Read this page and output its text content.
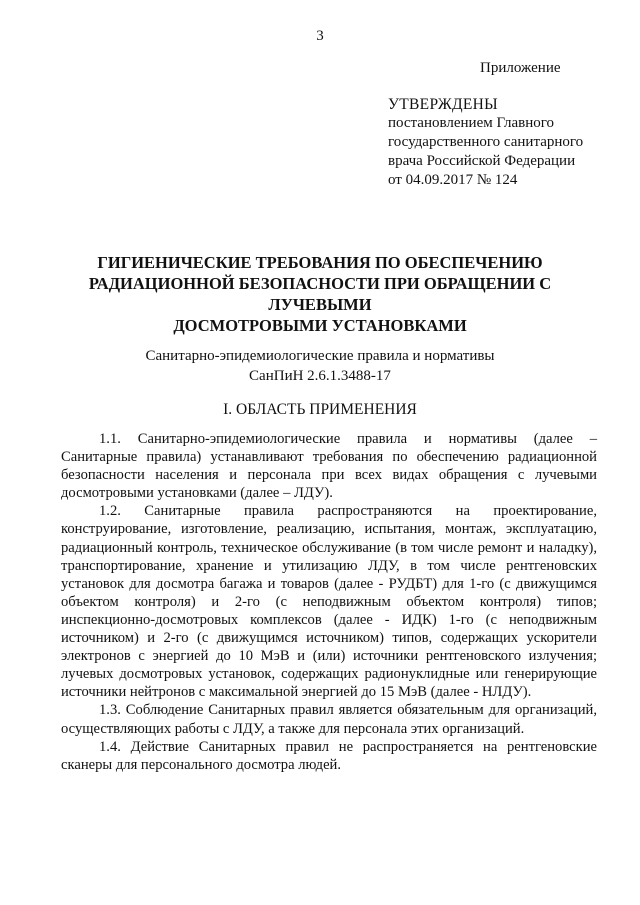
3
Приложение
УТВЕРЖДЕНЫ
постановлением Главного
государственного санитарного
врача Российской Федерации
от 04.09.2017 № 124
ГИГИЕНИЧЕСКИЕ ТРЕБОВАНИЯ ПО ОБЕСПЕЧЕНИЮ
РАДИАЦИОННОЙ БЕЗОПАСНОСТИ ПРИ ОБРАЩЕНИИ С ЛУЧЕВЫМИ
ДОСМОТРОВЫМИ УСТАНОВКАМИ
Санитарно-эпидемиологические правила и нормативы
СанПиН 2.6.1.3488-17
I. ОБЛАСТЬ ПРИМЕНЕНИЯ

1.1. Санитарно-эпидемиологические правила и нормативы (далее – Санитарные правила) устанавливают требования по обеспечению радиационной безопасности населения и персонала при всех видах обращения с лучевыми досмотровыми установками (далее – ЛДУ).

1.2. Санитарные правила распространяются на проектирование, конструирование, изготовление, реализацию, испытания, монтаж, эксплуатацию, радиационный контроль, техническое обслуживание (в том числе ремонт и наладку), транспортирование, хранение и утилизацию ЛДУ, в том числе рентгеновских установок для досмотра багажа и товаров (далее - РУДБТ) для 1-го (с движущимся объектом контроля) и 2-го (с неподвижным объектом контроля) типов; инспекционно-досмотровых комплексов (далее - ИДК) 1-го (с неподвижным источником) и 2-го (с движущимся источником) типов, содержащих ускорители электронов с энергией до 10 МэВ и (или) источники рентгеновского излучения; лучевых досмотровых установок, содержащих радионуклидные или генерирующие источники нейтронов с максимальной энергией до 15 МэВ (далее - НЛДУ).

1.3. Соблюдение Санитарных правил является обязательным для организаций, осуществляющих работы с ЛДУ, а также для персонала этих организаций.

1.4. Действие Санитарных правил не распространяется на рентгеновские сканеры для персонального досмотра людей.
